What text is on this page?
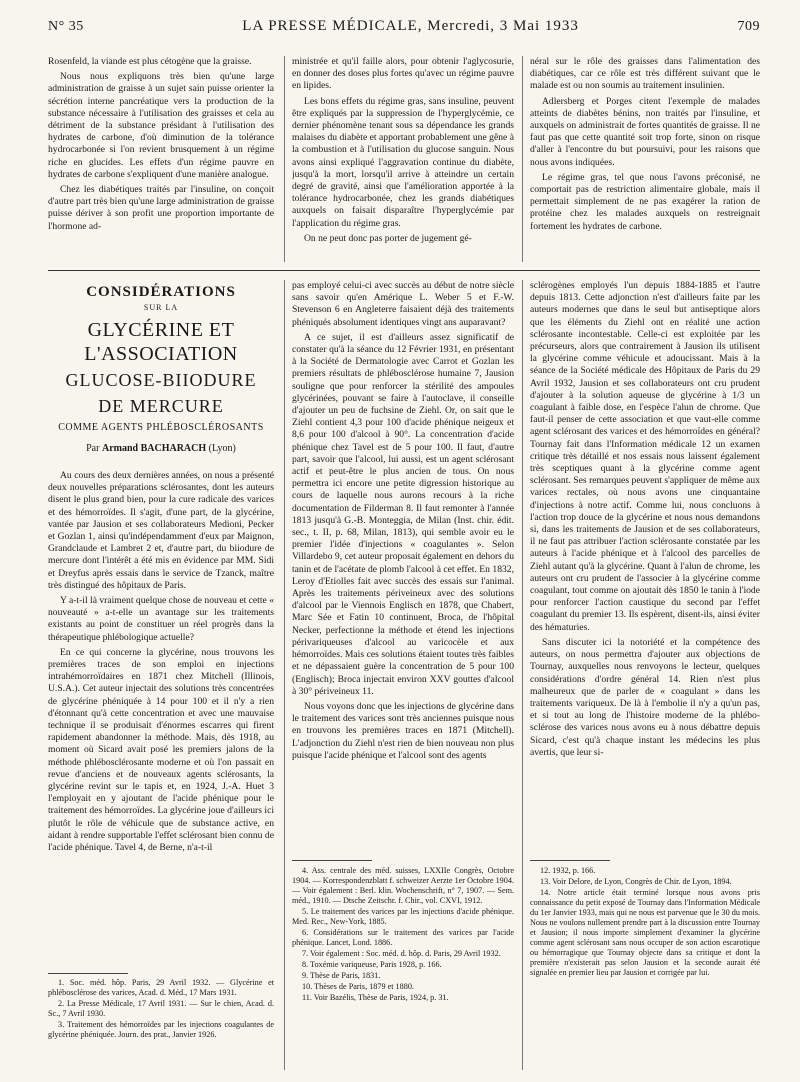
N° 35	LA PRESSE MÉDICALE, Mercredi, 3 Mai 1933	709

Rosenfeld, la viande est plus cétogène que la graisse.

Nous nous expliquons très bien qu'une large administration de graisse à un sujet sain puisse orienter la sécrétion interne pancréatique vers la production de la substance nécessaire à l'utilisation des graisses et cela au détriment de la substance présidant à l'utilisation des hydrates de carbone, d'où diminution de la tolérance hydrocarbonée si l'on revient brusquement à un régime riche en glucides. Les effets d'un régime pauvre en hydrates de carbone s'expliquent d'une manière analogue.

Chez les diabétiques traités par l'insuline, on conçoit d'autre part très bien qu'une large administration de graisse puisse dériver à son profit une proportion importante de l'hormone ad-

ministrée et qu'il faille alors, pour obtenir l'aglycosurie, en donner des doses plus fortes qu'avec un régime pauvre en lipides.

Les bons effets du régime gras, sans insuline, peuvent être expliqués par la suppression de l'hyperglycémie, ce dernier phénomène tenant sous sa dépendance les grands malaises du diabète et apportant probablement une gêne à la combustion et à l'utilisation du glucose sanguin. Nous avons ainsi expliqué l'aggravation continue du diabète, jusqu'à la mort, lorsqu'il arrive à atteindre un certain degré de gravité, ainsi que l'amélioration apportée à la tolérance hydrocarbonée, chez les grands diabétiques auxquels on faisait disparaître l'hyperglycémie par l'application du régime gras.

On ne peut donc pas porter de jugement gé-

néral sur le rôle des graisses dans l'alimentation des diabétiques, car ce rôle est très différent suivant que le malade est ou non soumis au traitement insulinien.

Adlersberg et Porges citent l'exemple de malades atteints de diabètes bénins, non traités par l'insuline, et auxquels on administrait de fortes quantités de graisse. Il ne faut pas que cette quantité soit trop forte, sinon on risque d'aller à l'encontre du but poursuivi, pour les raisons que nous avons indiquées.

Le régime gras, tel que nous l'avons préconisé, ne comportait pas de restriction alimentaire globale, mais il permettait simplement de ne pas exagérer la ration de protéine chez les malades auxquels on restreignait fortement les hydrates de carbone.

CONSIDÉRATIONS
SUR LA
GLYCÉRINE ET L'ASSOCIATION
GLUCOSE-BIIODURE
DE MERCURE
COMME AGENTS PHLÉBOSCLÉROSANTS
Par Armand BACHARACH (Lyon)

Au cours des deux dernières années, on nous a présenté deux nouvelles préparations sclérosantes, dont les auteurs disent le plus grand bien, pour la cure radicale des varices et des hémorroïdes. Il s'agit, d'une part, de la glycérine, vantée par Jausion et ses collaborateurs Medioni, Pecker et Gozlan 1, ainsi qu'indépendamment d'eux par Maignon, Grandclaude et Lambret 2 et, d'autre part, du biiodure de mercure dont l'intérêt a été mis en évidence par MM. Sidi et Dreyfus après essais dans le service de Tzanck, maître très distingué des hôpitaux de Paris.

Y a-t-il là vraiment quelque chose de nouveau et cette « nouveauté » a-t-elle un avantage sur les traitements existants au point de constituer un réel progrès dans la thérapeutique phlébologique actuelle?

En ce qui concerne la glycérine, nous trouvons les premières traces de son emploi en injections intrahémorroïdaires en 1871 chez Mitchell (Illinois, U.S.A.). Cet auteur injectait des solutions très concentrées de glycérine phéniquée à 14 pour 100 et il n'y a rien d'étonnant qu'à cette concentration et avec une mauvaise technique il se produisait d'énormes escarres qui firent rapidement abandonner la méthode. Mais, dès 1918, au moment où Sicard avait posé les premiers jalons de la méthode phlébosclérosante moderne et où l'on passait en revue d'anciens et de nouveaux agents sclérosants, la glycérine revint sur le tapis et, en 1924, J.-A. Huet 3 l'employait en y ajoutant de l'acide phénique pour le traitement des hémorroïdes. La glycérine joue d'ailleurs ici plutôt le rôle de véhicule que de substance active, en aidant à rendre supportable l'effet sclérosant bien connu de l'acide phénique. Tavel 4, de Berne, n'a-t-il

pas employé celui-ci avec succès au début de notre siècle sans savoir qu'en Amérique L. Weber 5 et F.-W. Stevenson 6 en Angleterre faisaient déjà des traitements phéniqués absolument identiques vingt ans auparavant?

A ce sujet, il est d'ailleurs assez significatif de constater qu'à la séance du 12 Février 1931, en présentant à la Société de Dermatologie avec Carrot et Gozlan les premiers résultats de phlébosclérose humaine 7, Jausion souligne que pour renforcer la stérilité des ampoules glycérinées, pouvant se faire à l'autoclave, il conseille d'ajouter un peu de fuchsine de Ziehl. Or, on sait que le Ziehl contient 4,3 pour 100 d'acide phénique neigeux et 8,6 pour 100 d'alcool à 90°. La concentration d'acide phénique chez Tavel est de 5 pour 100. Il faut, d'autre part, savoir que l'alcool, lui aussi, est un agent sclérosant actif et peut-être le plus ancien de tous. On nous permettra ici encore une petite digression historique au cours de laquelle nous aurons recours à la riche documentation de Filderman 8. Il faut remonter à l'année 1813 jusqu'à G.-B. Monteggia, de Milan (Inst. chir. édit. sec., t. II, p. 68, Milan, 1813), qui semble avoir eu le premier l'idée d'injections « coagulantes ». Selon Villardebo 9, cet auteur proposait également en dehors du tanin et de l'acétate de plomb l'alcool à cet effet. En 1832, Leroy d'Etiolles fait avec succès des essais sur l'animal. Après les traitements périveineux avec des solutions d'alcool par le Viennois Englisch en 1878, que Chabert, Marc Sée et Fatin 10 continuent, Broca, de l'hôpital Necker, perfectionne la méthode et étend les injections périvariqueuses d'alcool au varicocèle et aux hémorroïdes. Mais ces solutions étaient toutes très faibles et ne dépassaient guère la concentration de 5 pour 100 (Englisch); Broca injectait environ XXV gouttes d'alcool à 30° périveineux 11.

Nous voyons donc que les injections de glycérine dans le traitement des varices sont très anciennes puisque nous en trouvons les premières traces en 1871 (Mitchell). L'adjonction du Ziehl n'est rien de bien nouveau non plus puisque l'acide phénique et l'alcool sont des agents

sclérogènes employés l'un depuis 1884-1885 et l'autre depuis 1813. Cette adjonction n'est d'ailleurs faite par les auteurs modernes que dans le seul but antiseptique alors que les éléments du Ziehl ont en réalité une action sclérosante incontestable. Celle-ci est exploitée par les précurseurs, alors que contrairement à Jausion ils utilisent la glycérine comme véhicule et adoucissant. Mais à la séance de la Société médicale des Hôpitaux de Paris du 29 Avril 1932, Jausion et ses collaborateurs ont cru prudent d'ajouter à la solution aqueuse de glycérine à 1/3 un coagulant à faible dose, en l'espèce l'alun de chrome. Que faut-il penser de cette association et que vaut-elle comme agent sclérosant des varices et des hémorroïdes en général? Tournay fait dans l'Information médicale 12 un examen critique très détaillé et nos essais nous laissent également très sceptiques quant à la glycérine comme agent sclérosant. Ses remarques peuvent s'appliquer de même aux varices rectales, où nous avons une cinquantaine d'injections à notre actif. Comme lui, nous concluons à l'action trop douce de la glycérine et nous nous demandons si, dans les traitements de Jausion et de ses collaborateurs, il ne faut pas attribuer l'action sclérosante constatée par les auteurs à l'acide phénique et à l'alcool des parcelles de Ziehl autant qu'à la glycérine. Quant à l'alun de chrome, les auteurs ont cru prudent de l'associer à la glycérine comme coagulant, tout comme on ajoutait dès 1850 le tanin à l'iode pour renforcer l'action caustique du second par l'effet coagulant du premier 13. Ils espèrent, disent-ils, ainsi éviter des hématuries.

Sans discuter ici la notoriété et la compétence des auteurs, on nous permettra d'ajouter aux objections de Tournay, auxquelles nous renvoyons le lecteur, quelques considérations d'ordre général 14. Rien n'est plus malheureux que de parler de « coagulant » dans les traitements variqueux. De là à l'embolie il n'y a qu'un pas, et si tout au long de l'histoire moderne de la phlébo-sclérose des varices nous avons eu à nous débattre depuis Sicard, c'est qu'à chaque instant les médecins les plus avertis, que leur si-

1. Soc. méd. hôp. Paris, 29 Avril 1932. — Glycérine et phlébosclérose des varices, Acad. d. Méd., 17 Mars 1931.
2. La Presse Médicale, 17 Avril 1931. — Sur le chien, Acad. d. Sc., 7 Avril 1930.
3. Traitement des hémorroïdes par les injections coagulantes de glycérine phéniquée. Journ. des prat., Janvier 1926.
4. Ass. centrale des méd. suisses, LXXIIe Congrès, Octobre 1904. — Korrespondenzblatt f. schweizer Aerzte 1er Octobre 1904. — Voir également : Berl. klin. Wochenschrift, n° 7, 1907. — Sem. méd., 1910. — Dtsche Zeitschr. f. Chir., vol. CXVI, 1912.
5. Le traitement des varices par les injections d'acide phénique. Med. Rec., New-York, 1885.
6. Considérations sur le traitement des varices par l'acide phénique. Lancet, Lond. 1886.
7. Voir également : Soc. méd. d. hôp. d. Paris, 29 Avril 1932.
8. Toxémie variqueuse, Paris 1928, p. 166.
9. Thèse de Paris, 1831.
10. Thèses de Paris, 1879 et 1880.
11. Voir Bazélis, Thèse de Paris, 1924, p. 31.
12. 1932, p. 166.
13. Voir Delore, de Lyon, Congrès de Chir. de Lyon, 1894.
14. Notre article était terminé lorsque nous avons pris connaissance du petit exposé de Tournay dans l'Information Médicale du 1er Janvier 1933, mais qui ne nous est parvenue que le 30 du mois. Nous ne voulons nullement prendre part à la discussion entre Tournay et Jausion; il nous importe simplement d'examiner la glycérine comme agent sclérosant sans nous occuper de son action escarotique ou hémorragique que Tournay objecte dans sa critique et dont la première n'existerait pas selon Jausion et la seconde aurait été signalée en premier lieu par Jausion et corrigée par lui.
